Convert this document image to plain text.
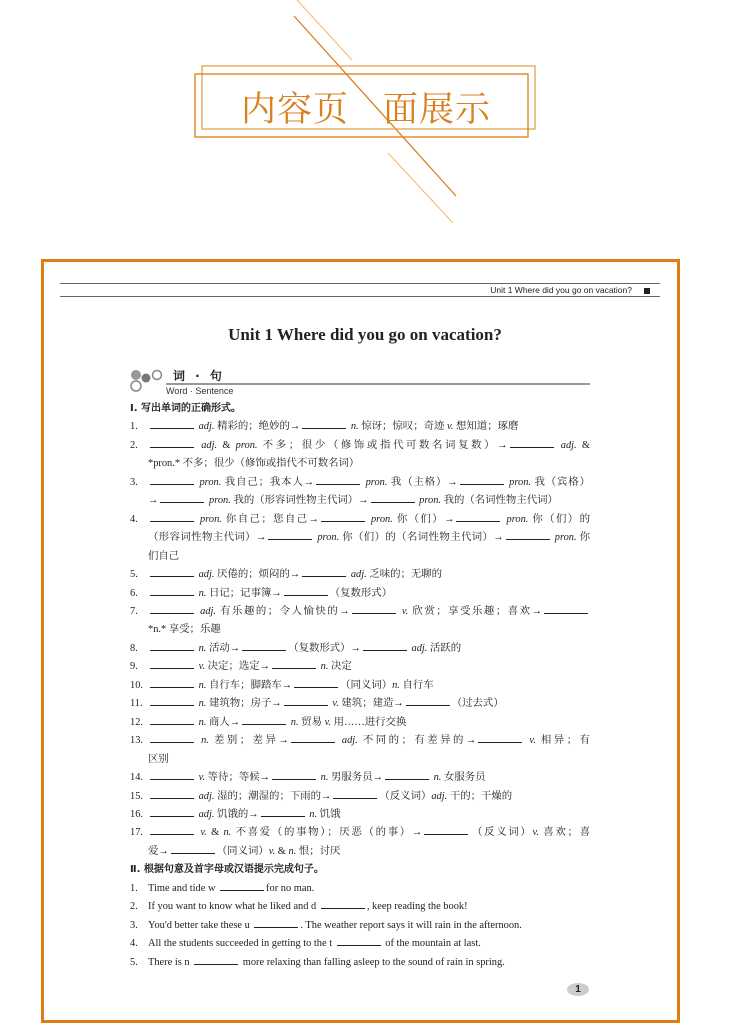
内容页 面展示
Unit 1 Where did you go on vacation?
Unit 1 Where did you go on vacation?
词 · 句
Word · Sentence
Ⅰ. 写出单词的正确形式。
1.	adj. 精彩的；绝妙的→	n. 惊讶；惊叹；奇迹 v. 想知道；琢磨
2.	adj. & pron. 不多；很少（修饰或指代可数名词复数）→	adj. &
*pron.* 不多；很少（修饰或指代不可数名词）
3.	pron. 我自己；我本人→	pron. 我（主格）→	pron. 我（宾格）
→	pron. 我的（形容词性物主代词）→	pron. 我的（名词性物主代词）
4.	pron. 你自己；您自己→	pron. 你（们）→	pron. 你（们）的
（形容词性物主代词）→	pron. 你（们）的（名词性物主代词）→	pron. 你
们自己
5.	adj. 厌倦的；烦闷的→	adj. 乏味的；无聊的
6.	n. 日记；记事簿→	（复数形式）
7.	adj. 有乐趣的；令人愉快的→	v. 欣赏；享受乐趣；喜欢→
*n.* 享受；乐趣
8.	n. 活动→	（复数形式）→	adj. 活跃的
9.	v. 决定；选定→	n. 决定
10.	n. 自行车；脚踏车→	（同义词）n. 自行车
11.	n. 建筑物；房子→	v. 建筑；建造→	（过去式）
12.	n. 商人→	n. 贸易 v. 用……进行交换
13.	n. 差别；差异→	adj. 不同的；有差异的→	v. 相异；有
区别
14.	v. 等待；等候→	n. 男服务员→	n. 女服务员
15.	adj. 湿的；潮湿的；下雨的→	（反义词）adj. 干的；干燥的
16.	adj. 饥饿的→	n. 饥饿
17.	v. & n. 不喜爱（的事物）；厌恶（的事）→	（反义词）v. 喜欢；喜
爱→	（同义词）v. & n. 恨；讨厌
Ⅱ. 根据句意及首字母或汉语提示完成句子。
1. Time and tide w	for no man.
2. If you want to know what he liked and d	, keep reading the book!
3. You'd better take these u	. The weather report says it will rain in the afternoon.
4. All the students succeeded in getting to the t	of the mountain at last.
5. There is n	more relaxing than falling asleep to the sound of rain in spring.
1
